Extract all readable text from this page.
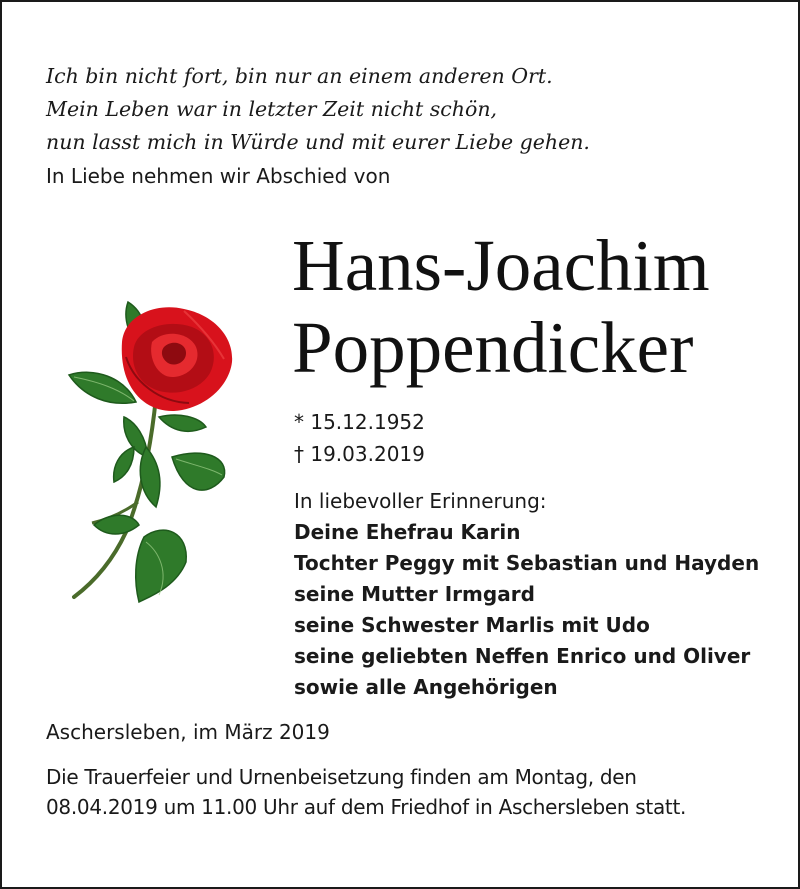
Ich bin nicht fort, bin nur an einem anderen Ort.
Mein Leben war in letzter Zeit nicht schön,
nun lasst mich in Würde und mit eurer Liebe gehen.
In Liebe nehmen wir Abschied von
Hans-Joachim
Poppendicker
* 15.12.1952
† 19.03.2019
In liebevoller Erinnerung:
Deine Ehefrau Karin
Tochter Peggy mit Sebastian und Hayden
seine Mutter Irmgard
seine Schwester Marlis mit Udo
seine geliebten Neffen Enrico und Oliver
sowie alle Angehörigen
Aschersleben, im März 2019
Die Trauerfeier und Urnenbeisetzung finden am Montag, den
08.04.2019 um 11.00 Uhr auf dem Friedhof in Aschersleben statt.
